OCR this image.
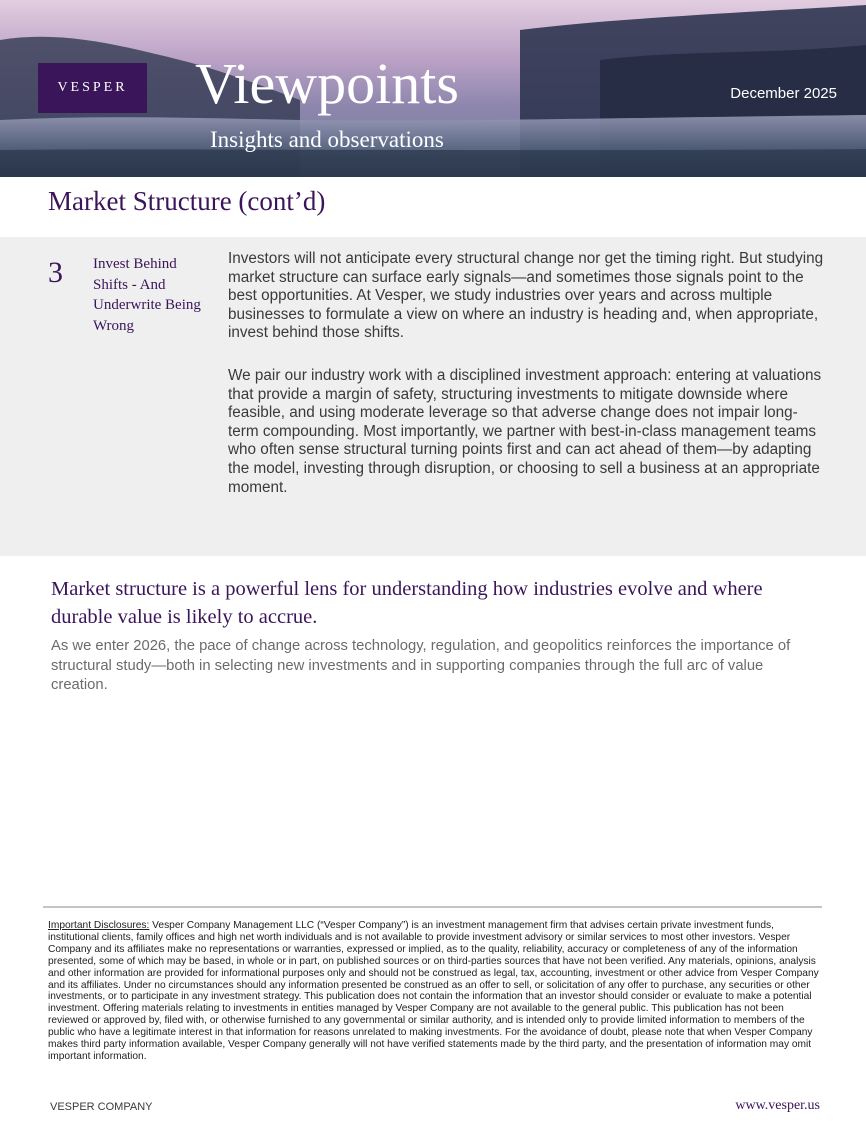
VESPER	Viewpoints
Insights and observations
December 2025
Market Structure (cont’d)
3 Invest Behind Shifts - And Underwrite Being Wrong

Investors will not anticipate every structural change nor get the timing right. But studying market structure can surface early signals—and sometimes those signals point to the best opportunities. At Vesper, we study industries over years and across multiple businesses to formulate a view on where an industry is heading and, when appropriate, invest behind those shifts.

We pair our industry work with a disciplined investment approach: entering at valuations that provide a margin of safety, structuring investments to mitigate downside where feasible, and using moderate leverage so that adverse change does not impair long-term compounding. Most importantly, we partner with best-in-class management teams who often sense structural turning points first and can act ahead of them—by adapting the model, investing through disruption, or choosing to sell a business at an appropriate moment.

Market structure is a powerful lens for understanding how industries evolve and where durable value is likely to accrue.
As we enter 2026, the pace of change across technology, regulation, and geopolitics reinforces the importance of structural study—both in selecting new investments and in supporting companies through the full arc of value creation.
Important Disclosures: Vesper Company Management LLC (“Vesper Company”) is an investment management firm that advises certain private investment funds, institutional clients, family offices and high net worth individuals and is not available to provide investment advisory or similar services to most other investors. Vesper Company and its affiliates make no representations or warranties, expressed or implied, as to the quality, reliability, accuracy or completeness of any of the information presented, some of which may be based, in whole or in part, on published sources or on third-parties sources that have not been verified. Any materials, opinions, analysis and other information are provided for informational purposes only and should not be construed as legal, tax, accounting, investment or other advice from Vesper Company and its affiliates. Under no circumstances should any information presented be construed as an offer to sell, or solicitation of any offer to purchase, any securities or other investments, or to participate in any investment strategy. This publication does not contain the information that an investor should consider or evaluate to make a potential investment. Offering materials relating to investments in entities managed by Vesper Company are not available to the general public. This publication has not been reviewed or approved by, filed with, or otherwise furnished to any governmental or similar authority, and is intended only to provide limited information to members of the public who have a legitimate interest in that information for reasons unrelated to making investments. For the avoidance of doubt, please note that when Vesper Company makes third party information available, Vesper Company generally will not have verified statements made by the third party, and the presentation of information may omit important information.
VESPER COMPANY	www.vesper.us
